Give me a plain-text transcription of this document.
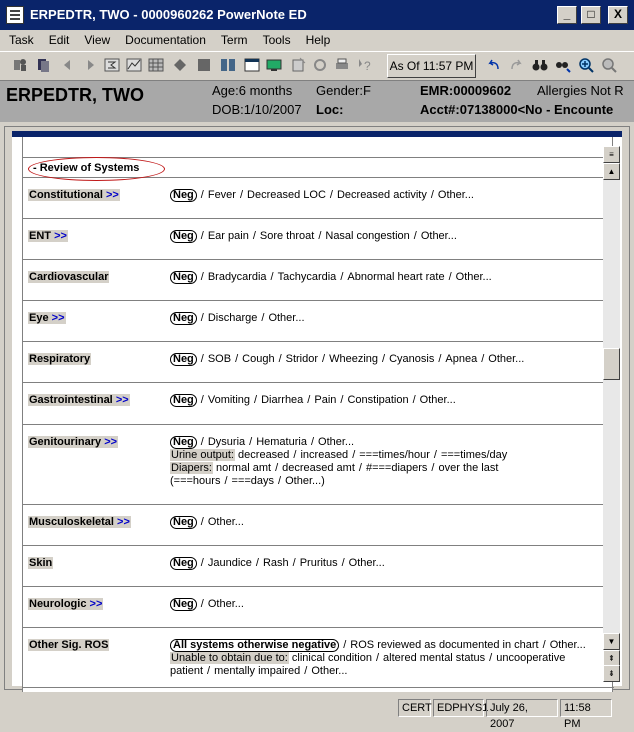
ERPEDTR, TWO - 0000960262 PowerNote ED	_	□	X
Task Edit View Documentation Term Tools Help
? As Of 11:57 PM
ERPEDTR, TWO	Age:6 months Gender:F	EMR:00009602 Allergies Not R
DOB:1/10/2007 Loc:	Acct#:07138000<No - Encounte
- Review of Systems
Constitutional >>	Neg / Fever / Decreased LOC / Decreased activity / Other...
ENT >>	Neg / Ear pain / Sore throat / Nasal congestion / Other...
Cardiovascular	Neg / Bradycardia / Tachycardia / Abnormal heart rate / Other...
Eye >>	Neg / Discharge / Other...
Respiratory	Neg / SOB / Cough / Stridor / Wheezing / Cyanosis / Apnea / Other...
Gastrointestinal >>	Neg / Vomiting / Diarrhea / Pain / Constipation / Other...
Genitourinary >>	Neg / Dysuria / Hematuria / Other...
Urine output: decreased / increased / ===times/hour / ===times/day
Diapers: normal amt / decreased amt / #===diapers / over the last (===hours / ===days / Other...)
Musculoskeletal >>	Neg / Other...
Skin	Neg / Jaundice / Rash / Pruritus / Other...
Neurologic >>	Neg / Other...
Other Sig. ROS	All systems otherwise negative / ROS reviewed as documented in chart / Other...
Unable to obtain due to: clinical condition / altered mental status / uncooperative patient / mentally impaired / Other...
≡
▲
▼
⇞
⇟
CERT EDPHYS1 July 26, 2007
11:58 PM
